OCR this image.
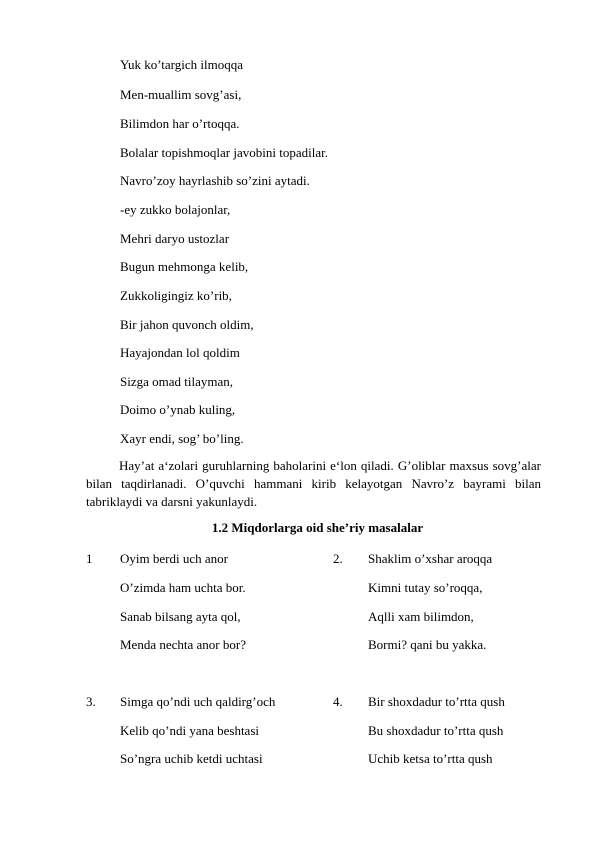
Yuk ko’targich ilmoqqa
Men-muallim sovg’asi,
Bilimdon har o’rtoqqa.
Bolalar topishmoqlar javobini topadilar.
Navro’zoy hayrlashib so’zini aytadi.
-ey zukko bolajonlar,
Mehri daryo ustozlar
Bugun mehmonga kelib,
Zukkoligingiz ko’rib,
Bir jahon quvonch oldim,
Hayajondan lol qoldim
Sizga omad tilayman,
Doimo o’ynab kuling,
Xayr endi, sog’ bo’ling.
Hay’at a‘zolari guruhlarning baholarini e‘lon qiladi. G’oliblar maxsus sovg’alar bilan taqdirlanadi. O’quvchi hammani kirib kelayotgan Navro’z bayrami bilan tabriklaydi va darsni yakunlaydi.
1.2 Miqdorlarga oid she’riy masalalar
1 Oyim berdi uch anor
O’zimda ham uchta bor.
Sanab bilsang ayta qol,
Menda nechta anor bor?
2. Shaklim o’xshar aroqqa
Kimni tutay so’roqqa,
Aqlli xam bilimdon,
Bormi? qani bu yakka.
3. Simga qo’ndi uch qaldirg’och
Kelib qo’ndi yana beshtasi
So’ngra uchib ketdi uchtasi
4. Bir shoxdadur to’rtta qush
Bu shoxdadur to’rtta qush
Uchib ketsa to’rtta qush
